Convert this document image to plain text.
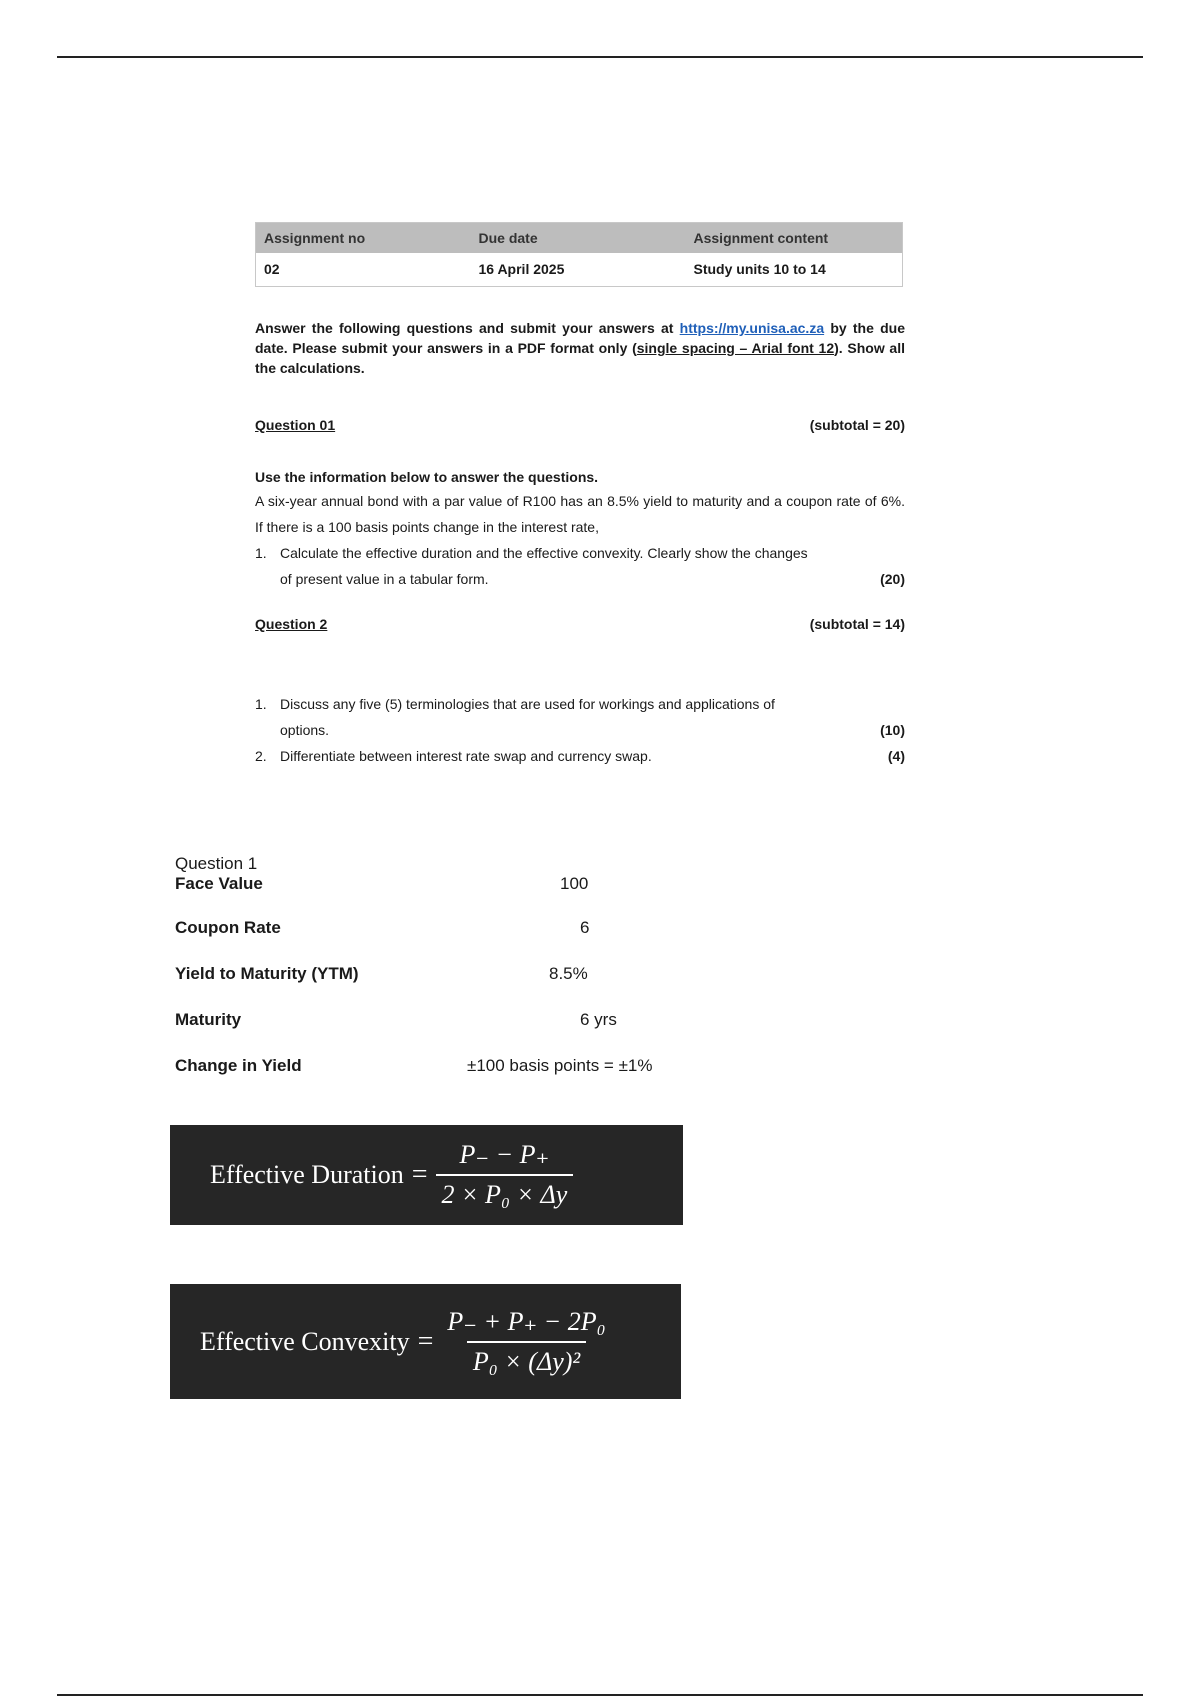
Assignment no	Due date	Assignment content
02	16 April 2025	Study units 10 to 14
Answer the following questions and submit your answers at https://my.unisa.ac.za by the due date. Please submit your answers in a PDF format only (single spacing – Arial font 12). Show all the calculations.
Question 01	(subtotal = 20)
Use the information below to answer the questions.
A six-year annual bond with a par value of R100 has an 8.5% yield to maturity and a coupon rate of 6%. If there is a 100 basis points change in the interest rate,
1. Calculate the effective duration and the effective convexity. Clearly show the changes
of present value in a tabular form.	(20)
Question 2	(subtotal = 14)
1. Discuss any five (5) terminologies that are used for workings and applications of
options.	(10)
2. Differentiate between interest rate swap and currency swap.	(4)
Question 1
Face Value	100
Coupon Rate	6
Yield to Maturity (YTM)	8.5%
Maturity	6 yrs
Change in Yield	±100 basis points = ±1%
Effective Duration = $\frac{P_- - P_+}{\text{2 × P₀ × Δy}}$
Effective Convexity = $\frac{\text{P₋ + P₊ − 2P₀}}{\text{P₀ × (Δy)²}}$
